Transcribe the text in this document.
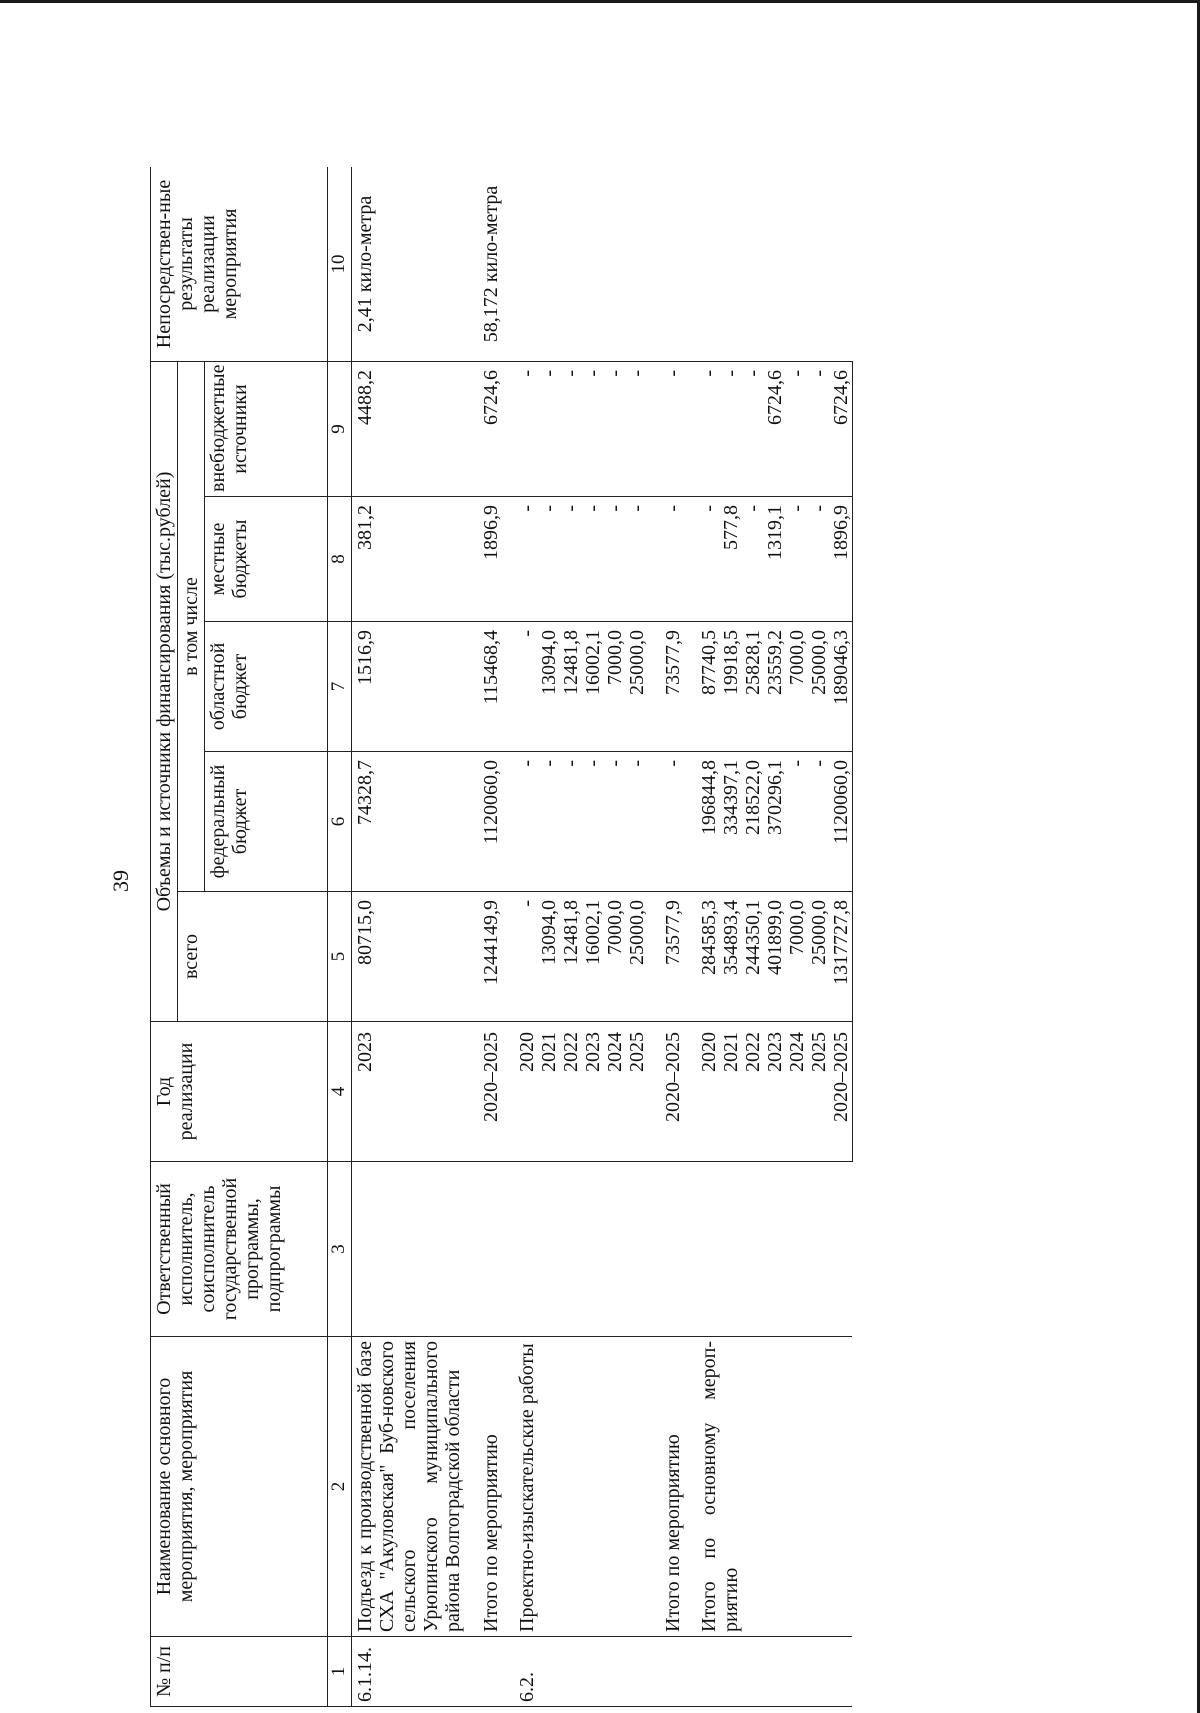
39
№ п/п	Наименование основного мероприятия, мероприятия	Ответственный исполнитель, соисполнитель государственной программы, подпрограммы	Год реализации	Объемы и источники финансирования (тыс.рублей)					Непосредствен-ные результаты реализации мероприятия
				всего	в том числе				
					федеральный бюджет	областной бюджет	местные бюджеты	внебюджетные источники	
1	2	3	4	5	6	7	8	9	10
6.1.14.	Подъезд к производственной базе СХА "Акуловская" Буб-новского сельского поселения Урюпинского муниципального района Волгоградской области		2023	80715,0	74328,7	1516,9	381,2	4488,2	2,41 кило-метра

	Итого по мероприятию		2020–2025	1244149,9	1120060,0	115468,4	1896,9	6724,6	58,172 кило-метра

6.2.	Проектно-изыскательские работы		2020	-	-	-	-	-	
			2021	13094,0	-	13094,0	-	-	
			2022	12481,8	-	12481,8	-	-	
			2023	16002,1	-	16002,1	-	-	
			2024	7000,0	-	7000,0	-	-	
			2025	25000,0	-	25000,0	-	-	

	Итого по мероприятию		2020–2025	73577,9	-	73577,9	-	-	

	Итого по основному мероп-риятию		2020	284585,3	196844,8	87740,5	-	-	
			2021	354893,4	334397,1	19918,5	577,8	-	
			2022	244350,1	218522,0	25828,1	-	-	
			2023	401899,0	370296,1	23559,2	1319,1	6724,6	
			2024	7000,0	-	7000,0	-	-	
			2025	25000,0	-	25000,0	-	-	
			2020–2025	1317727,8	1120060,0	189046,3	1896,9	6724,6	
